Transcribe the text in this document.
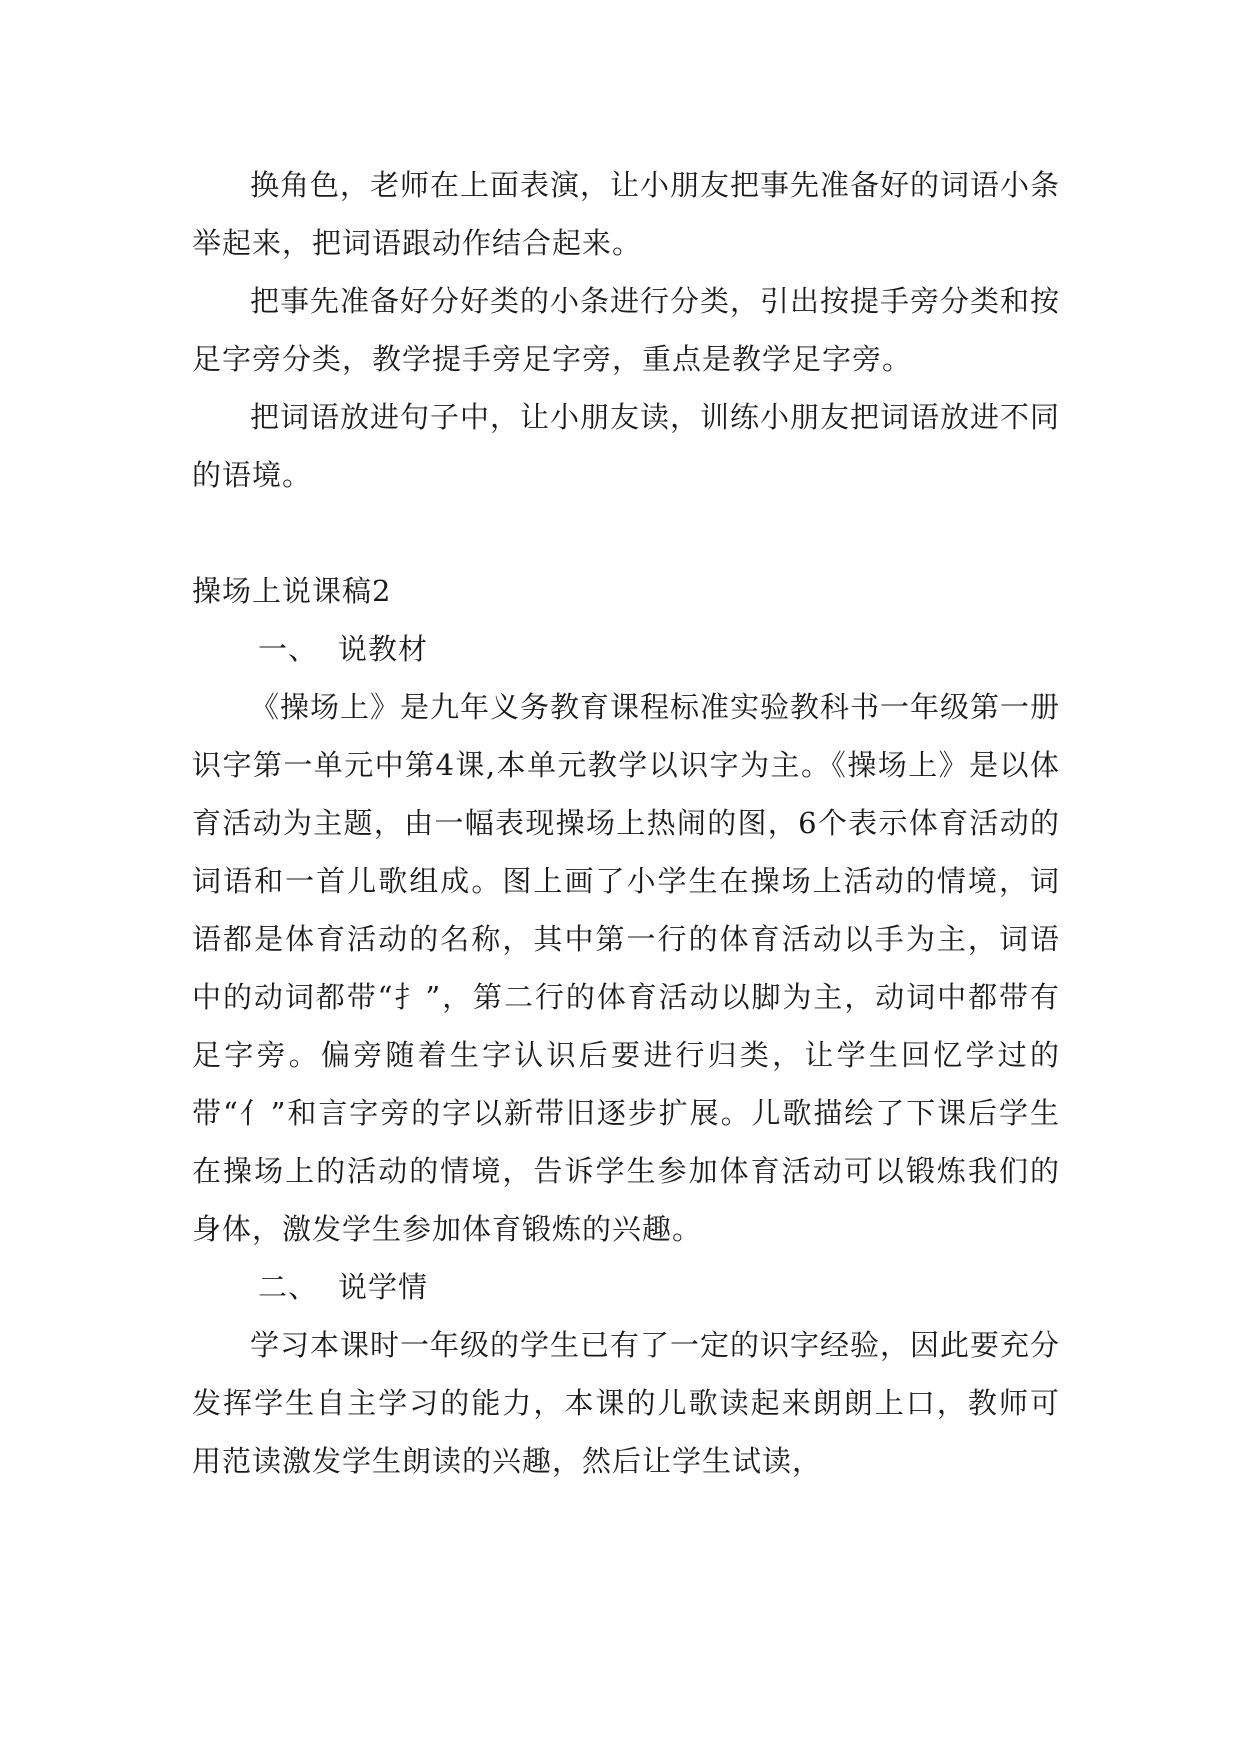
换角色，老师在上面表演，让小朋友把事先准备好的词语小条举起来，把词语跟动作结合起来。

把事先准备好分好类的小条进行分类，引出按提手旁分类和按足字旁分类，教学提手旁足字旁，重点是教学足字旁。

把词语放进句子中，让小朋友读，训练小朋友把词语放进不同的语境。

操场上说课稿2

一、 说教材

《操场上》是九年义务教育课程标准实验教科书一年级第一册识字第一单元中第4课,本单元教学以识字为主。《操场上》是以体育活动为主题，由一幅表现操场上热闹的图，6个表示体育活动的词语和一首儿歌组成。图上画了小学生在操场上活动的情境，词语都是体育活动的名称，其中第一行的体育活动以手为主，词语中的动词都带“扌”，第二行的体育活动以脚为主，动词中都带有足字旁。偏旁随着生字认识后要进行归类，让学生回忆学过的带“亻”和言字旁的字以新带旧逐步扩展。儿歌描绘了下课后学生在操场上的活动的情境，告诉学生参加体育活动可以锻炼我们的身体，激发学生参加体育锻炼的兴趣。

二、 说学情

学习本课时一年级的学生已有了一定的识字经验，因此要充分发挥学生自主学习的能力，本课的儿歌读起来朗朗上口，教师可用范读激发学生朗读的兴趣，然后让学生试读，
